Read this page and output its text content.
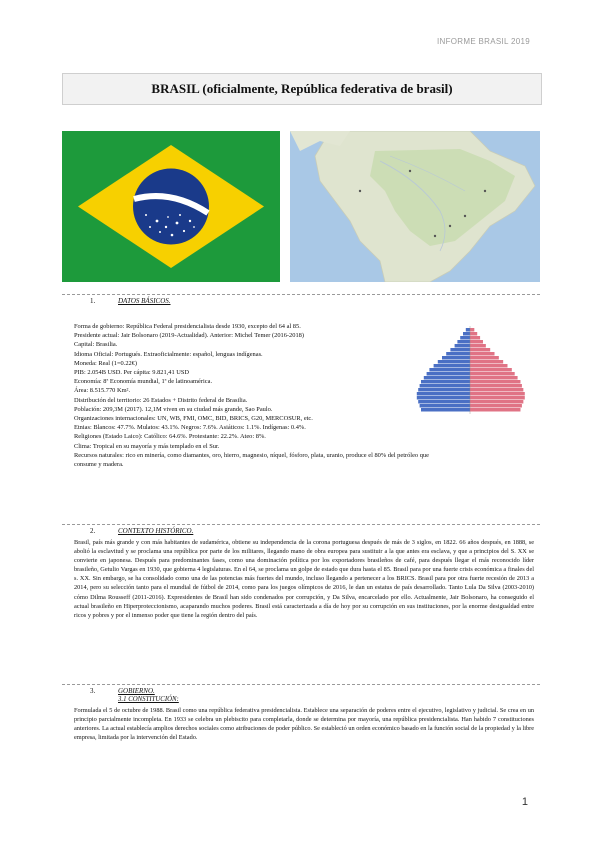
INFORME BRASIL 2019
BRASIL (oficialmente, República federativa de brasil)
1.	DATOS BÁSICOS.

Forma de gobierno: República Federal presidencialista desde 1930, excepto del 64 al 85.

Presidente actual: Jair Bolsonaro (2019-Actualidad). Anterior: Michel Temer (2016-2018)

Capital: Brasilia.

Idioma Oficial: Portugués. Extraoficialmente: español, lenguas indígenas.

Moneda: Real (1=0.22€)

PIB: 2.054B USD. Per cápita: 9.821,41 USD

Economía: 8ª Economía mundial, 1ª de latinoamérica.

Área: 8.515.770 Km².

Distribución del territorio: 26 Estados + Distrito federal de Brasilia.

Población: 209,3M (2017). 12,1M viven en su ciudad más grande, Sao Paulo.

Organizaciones internacionales: UN, WB, FMI, OMC, BID, BRICS, G20, MERCOSUR, etc.

Etnias: Blancos: 47.7%. Mulatos: 43.1%. Negros: 7.6%. Asiáticos: 1.1%. Indígenas: 0.4%.

Religiones (Estado Laico): Católico: 64.6%. Protestante: 22.2%. Ateo: 8%.

Clima: Tropical en su mayoría y más templado en el Sur.

Recursos naturales: rico en minería, como diamantes, oro, hierro, magnesio, níquel, fósforo, plata, uranio, produce el 80% del petróleo que

consume y madera.

2.	CONTEXTO HISTÓRICO.

Brasil, país más grande y con más habitantes de sudamérica, obtiene su independencia de la corona portuguesa después de más de 3 siglos, en 1822. 66 años después, en 1888, se abolió la esclavitud y se proclama una república por parte de los militares, llegando mano de obra europea para sustituir a la que antes era esclava, y que a principios del S. XX se convierte en japonesa. Después para predominantes fases, como una dominación política por los exportadores brasileños de café, para después llegar el más reconocido líder brasileño, Getulio Vargas en 1930, que gobierna 4 legislaturas. En el 64, se proclama un golpe de estado que dura hasta el 85. Brasil para por una fuerte crisis económica a finales del s. XX. Sin embargo, se ha consolidado como una de las potencias más fuertes del mundo, incluso llegando a pertenecer a los BRICS. Brasil para por otra fuerte recesión de 2013 a 2014, pero su selección tanto para el mundial de fútbol de 2014, como para los juegos olímpicos de 2016, le dan un estatus de país desarrollado. Tanto Lula Da Silva (2003-2010) cómo Dilma Rousseff (2011-2016). Expresidentes de Brasil han sido condenados por corrupción, y Da Silva, encarcelado por ello. Actualmente, Jair Bolsonaro, ha conseguido el actual brasileño en Hiperproteccionismo, acaparando muchos poderes. Brasil está caracterizada a día de hoy por su corrupción en sus instituciones, por la enorme desigualdad entre ricos y pobres y por el inmenso poder que tiene la región dentro del país.

3.	GOBIERNO.
3.1 CONSTITUCIÓN:

Formulada el 5 de octubre de 1988. Brasil como una república federativa presidencialista. Establece una separación de poderes entre el ejecutivo, legislativo y judicial. Se crea en un principio parcialmente incompleta. En 1933 se celebra un plebiscito para completarla, donde se determina por mayoría, una república presidencialista. Han habido 7 constituciones anteriores. La actual establecía amplios derechos sociales como atribuciones de poder público. Se estableció un orden económico basado en la función social de la propiedad y la libre empresa, limitada por la intervención del Estado.

1
